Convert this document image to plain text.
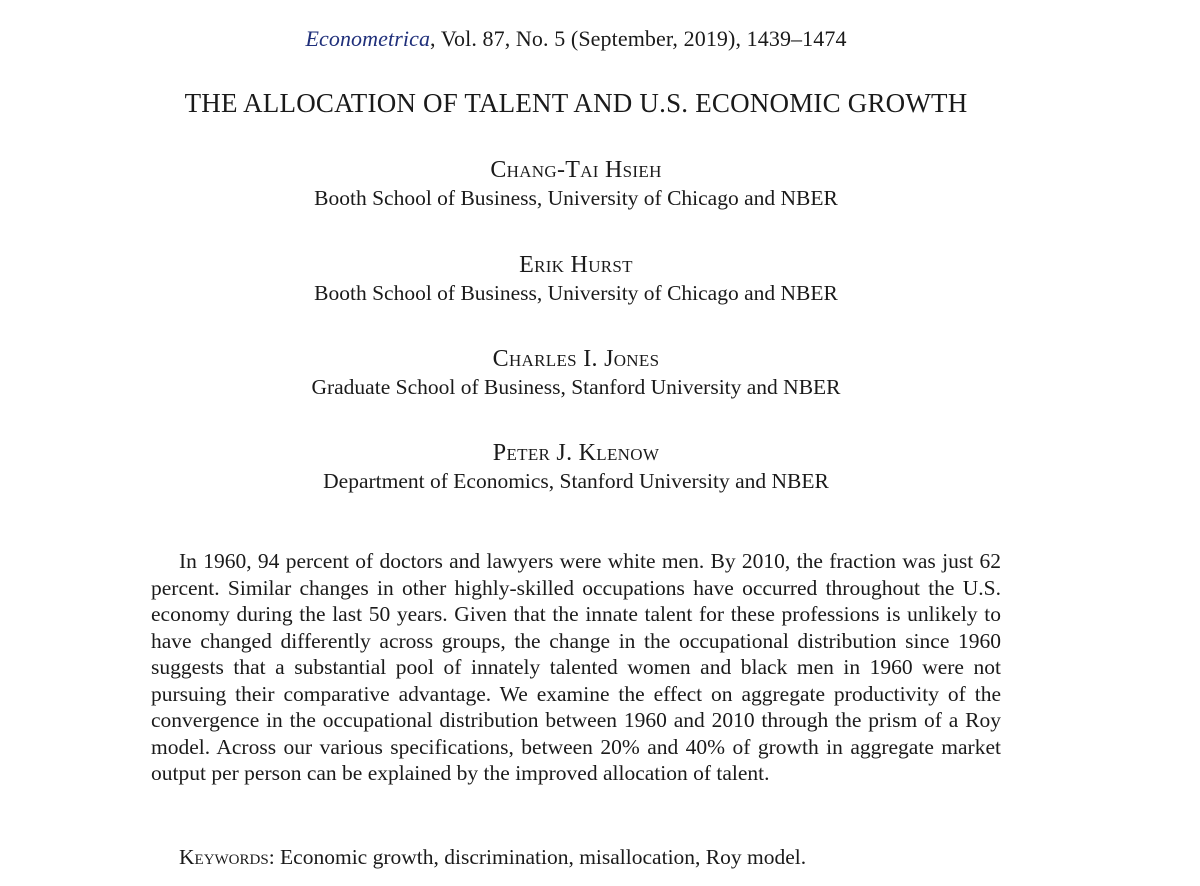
Econometrica, Vol. 87, No. 5 (September, 2019), 1439–1474
THE ALLOCATION OF TALENT AND U.S. ECONOMIC GROWTH
Chang-Tai Hsieh
Booth School of Business, University of Chicago and NBER
Erik Hurst
Booth School of Business, University of Chicago and NBER
Charles I. Jones
Graduate School of Business, Stanford University and NBER
Peter J. Klenow
Department of Economics, Stanford University and NBER

In 1960, 94 percent of doctors and lawyers were white men. By 2010, the fraction was just 62 percent. Similar changes in other highly-skilled occupations have occurred throughout the U.S. economy during the last 50 years. Given that the innate talent for these professions is unlikely to have changed differently across groups, the change in the occupational distribution since 1960 suggests that a substantial pool of innately talented women and black men in 1960 were not pursuing their comparative advantage. We examine the effect on aggregate productivity of the convergence in the occupational distribution between 1960 and 2010 through the prism of a Roy model. Across our various specifications, between 20% and 40% of growth in aggregate market output per person can be explained by the improved allocation of talent.

Keywords: Economic growth, discrimination, misallocation, Roy model.
